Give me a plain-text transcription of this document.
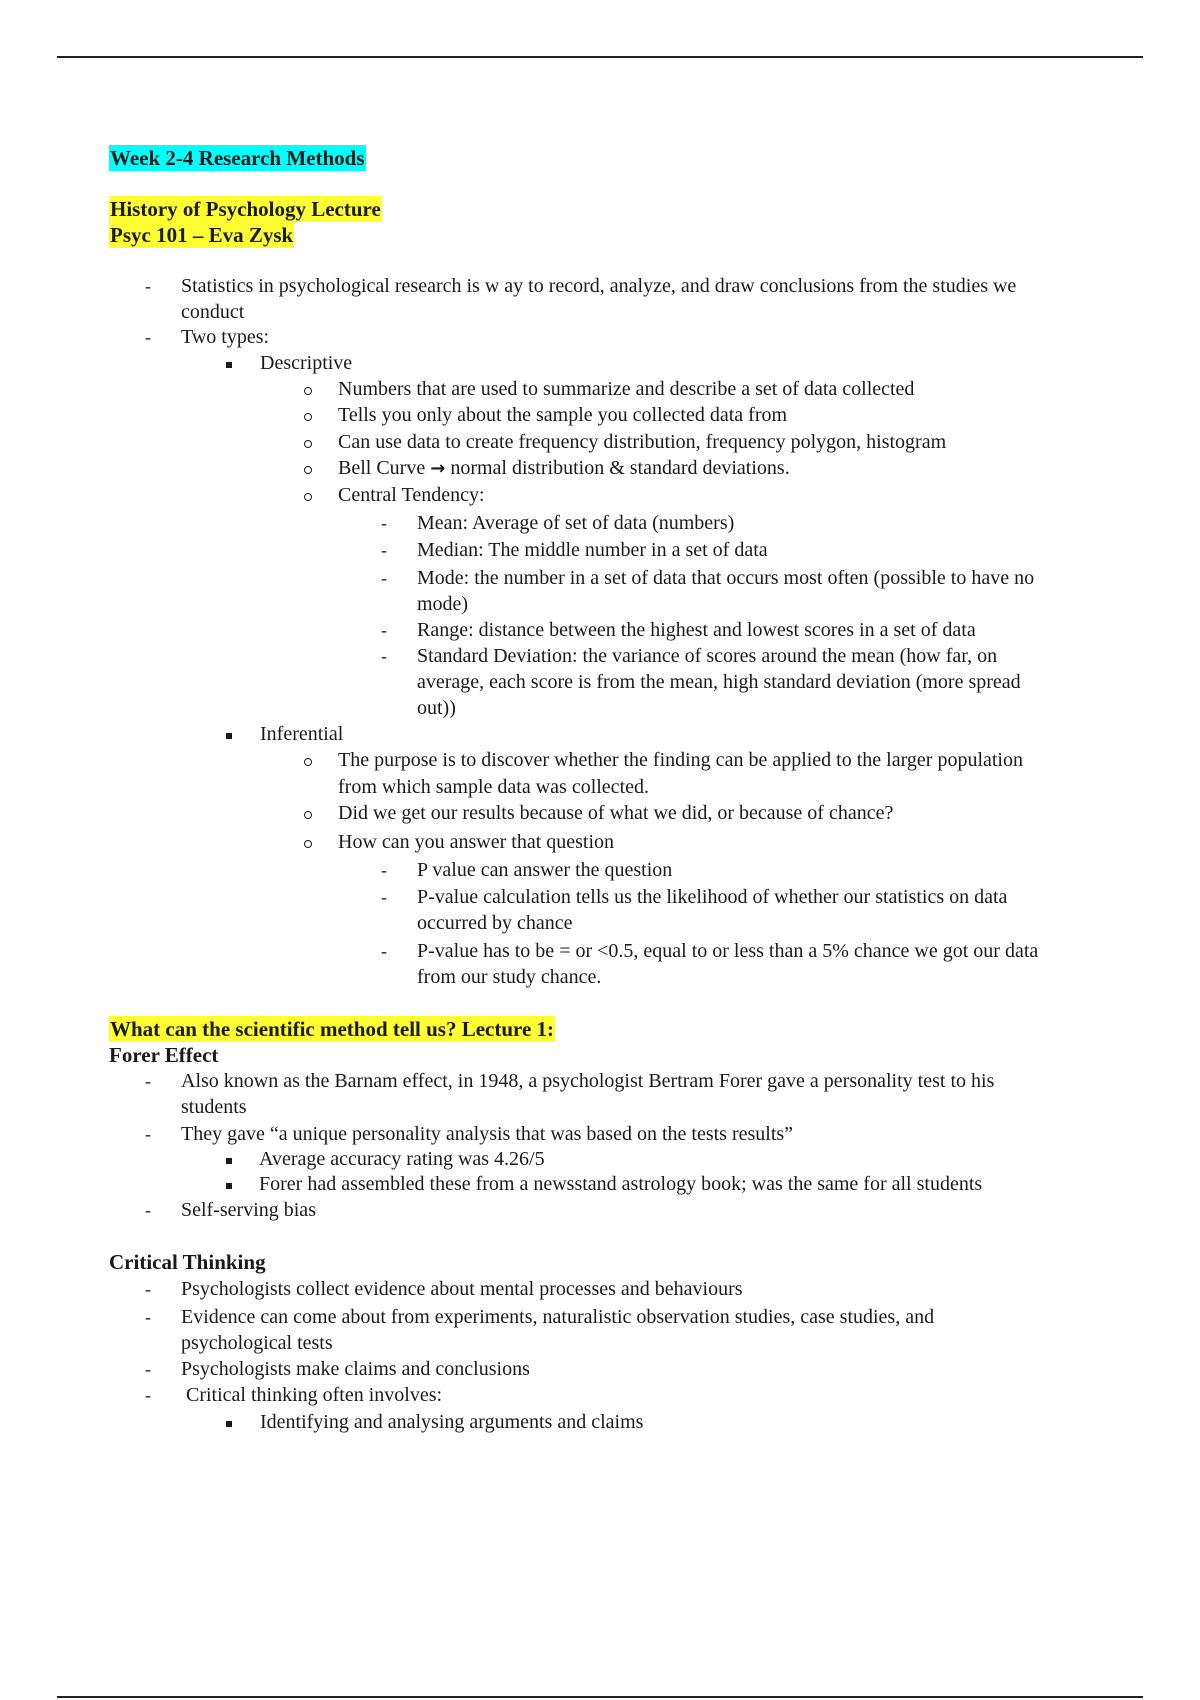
Week 2-4 Research Methods
History of Psychology Lecture
Psyc 101 – Eva Zysk
- Statistics in psychological research is w ay to record, analyze, and draw conclusions from the studies we
conduct
- Two types:
Descriptive
Numbers that are used to summarize and describe a set of data collected
Tells you only about the sample you collected data from
Can use data to create frequency distribution, frequency polygon, histogram
Bell Curve → normal distribution & standard deviations.
Central Tendency:
- Mean: Average of set of data (numbers)
- Median: The middle number in a set of data
- Mode: the number in a set of data that occurs most often (possible to have no
mode)
- Range: distance between the highest and lowest scores in a set of data
- Standard Deviation: the variance of scores around the mean (how far, on
average, each score is from the mean, high standard deviation (more spread
out))
Inferential
The purpose is to discover whether the finding can be applied to the larger population
from which sample data was collected.
Did we get our results because of what we did, or because of chance?
How can you answer that question
- P value can answer the question
- P-value calculation tells us the likelihood of whether our statistics on data
occurred by chance
- P-value has to be = or <0.5, equal to or less than a 5% chance we got our data
from our study chance.
What can the scientific method tell us? Lecture 1:
Forer Effect
- Also known as the Barnam effect, in 1948, a psychologist Bertram Forer gave a personality test to his
students
- They gave “a unique personality analysis that was based on the tests results”
Average accuracy rating was 4.26/5
Forer had assembled these from a newsstand astrology book; was the same for all students
- Self-serving bias
Critical Thinking
- Psychologists collect evidence about mental processes and behaviours
- Evidence can come about from experiments, naturalistic observation studies, case studies, and
psychological tests
- Psychologists make claims and conclusions
- Critical thinking often involves:
Identifying and analysing arguments and claims
